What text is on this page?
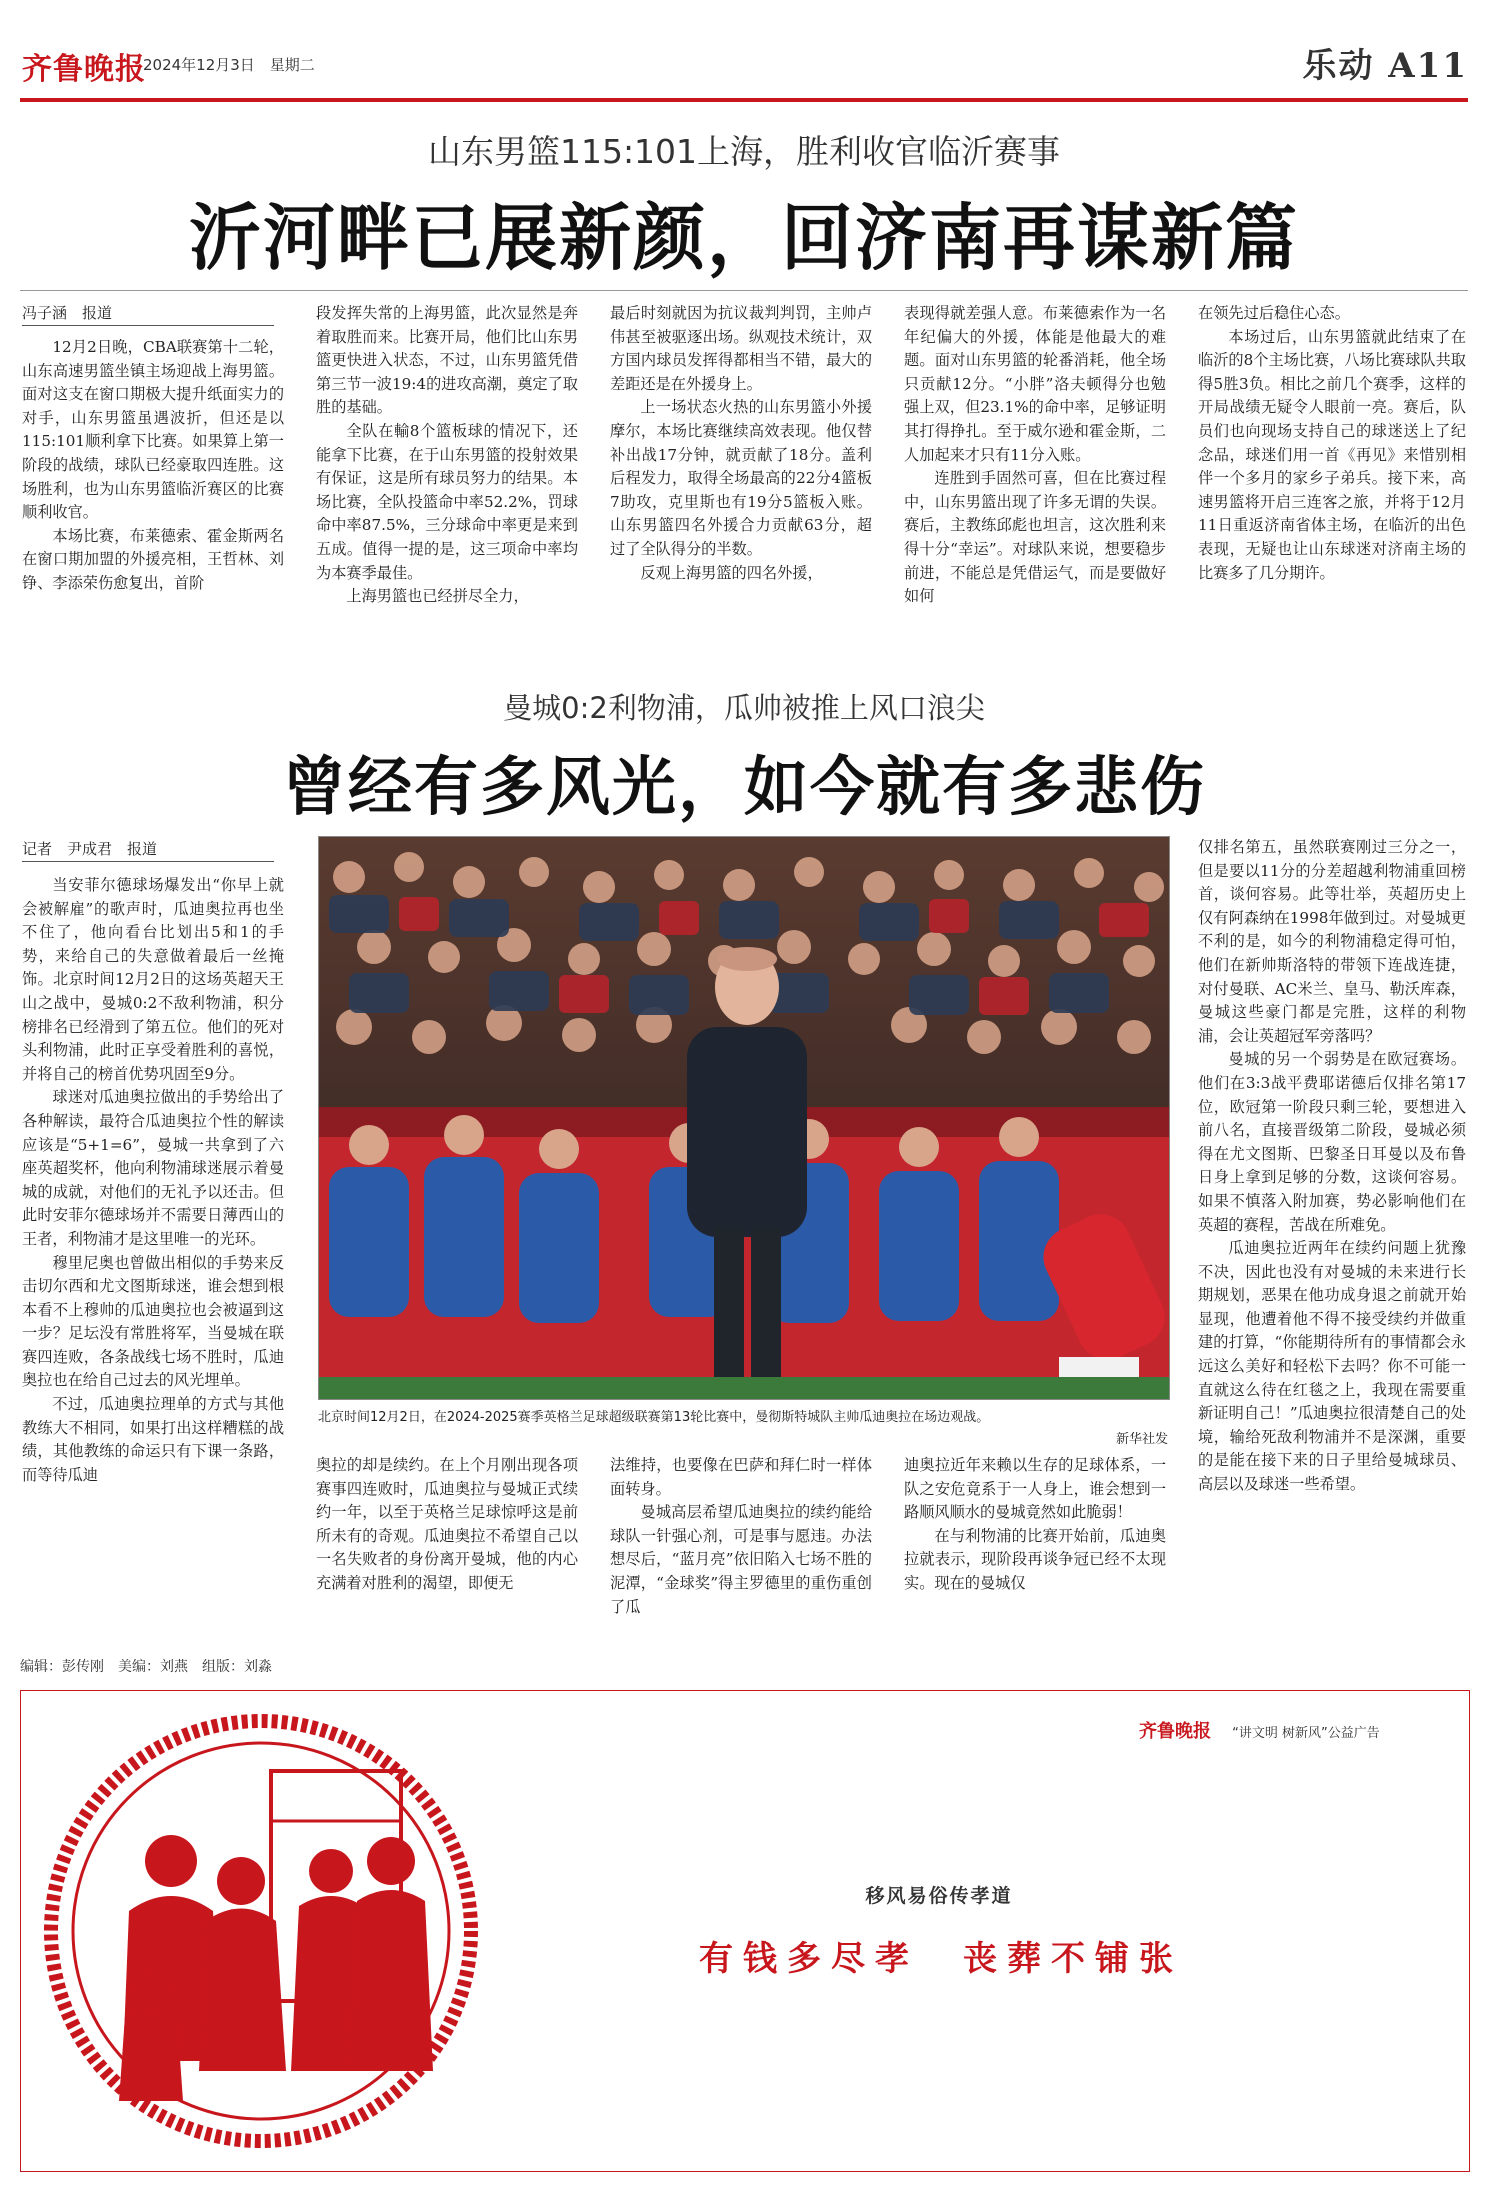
齐鲁晚报
2024年12月3日　星期二	乐动 A11
山东男篮115:101上海，胜利收官临沂赛事
沂河畔已展新颜，回济南再谋新篇
冯子涵　报道

12月2日晚，CBA联赛第十二轮，山东高速男篮坐镇主场迎战上海男篮。面对这支在窗口期极大提升纸面实力的对手，山东男篮虽遇波折，但还是以115:101顺利拿下比赛。如果算上第一阶段的战绩，球队已经豪取四连胜。这场胜利，也为山东男篮临沂赛区的比赛顺利收官。

本场比赛，布莱德索、霍金斯两名在窗口期加盟的外援亮相，王哲林、刘铮、李添荣伤愈复出，首阶

段发挥失常的上海男篮，此次显然是奔着取胜而来。比赛开局，他们比山东男篮更快进入状态，不过，山东男篮凭借第三节一波19:4的进攻高潮，奠定了取胜的基础。

全队在輸8个篮板球的情况下，还能拿下比赛，在于山东男篮的投射效果有保证，这是所有球员努力的结果。本场比赛，全队投篮命中率52.2%，罚球命中率87.5%，三分球命中率更是来到五成。值得一提的是，这三项命中率均为本赛季最佳。

上海男篮也已经拼尽全力，

最后时刻就因为抗议裁判判罚，主帅卢伟甚至被驱逐出场。纵观技术统计，双方国内球员发挥得都相当不错，最大的差距还是在外援身上。

上一场状态火热的山东男篮小外援摩尔，本场比赛继续高效表现。他仅替补出战17分钟，就贡献了18分。盖利后程发力，取得全场最高的22分4篮板7助攻，克里斯也有19分5篮板入账。山东男篮四名外援合力贡献63分，超过了全队得分的半数。

反观上海男篮的四名外援，

表现得就差强人意。布莱德索作为一名年纪偏大的外援，体能是他最大的难题。面对山东男篮的轮番消耗，他全场只贡献12分。“小胖”洛夫顿得分也勉强上双，但23.1%的命中率，足够证明其打得挣扎。至于威尔逊和霍金斯，二人加起来才只有11分入账。

连胜到手固然可喜，但在比赛过程中，山东男篮出现了许多无谓的失误。赛后，主教练邱彪也坦言，这次胜利来得十分“幸运”。对球队来说，想要稳步前进，不能总是凭借运气，而是要做好如何

在领先过后稳住心态。

本场过后，山东男篮就此结束了在临沂的8个主场比赛，八场比赛球队共取得5胜3负。相比之前几个赛季，这样的开局战绩无疑令人眼前一亮。赛后，队员们也向现场支持自己的球迷送上了纪念品，球迷们用一首《再见》来惜别相伴一个多月的家乡子弟兵。接下来，高速男篮将开启三连客之旅，并将于12月11日重返济南省体主场，在临沂的出色表现，无疑也让山东球迷对济南主场的比赛多了几分期许。

曼城0:2利物浦，瓜帅被推上风口浪尖
曾经有多风光，如今就有多悲伤
记者　尹成君　报道

当安菲尔德球场爆发出“你早上就会被解雇”的歌声时，瓜迪奥拉再也坐不住了，他向看台比划出5和1的手势，来给自己的失意做着最后一丝掩饰。北京时间12月2日的这场英超天王山之战中，曼城0:2不敌利物浦，积分榜排名已经滑到了第五位。他们的死对头利物浦，此时正享受着胜利的喜悦，并将自己的榜首优势巩固至9分。

球迷对瓜迪奥拉做出的手势给出了各种解读，最符合瓜迪奥拉个性的解读应该是“5+1=6”，曼城一共拿到了六座英超奖杯，他向利物浦球迷展示着曼城的成就，对他们的无礼予以还击。但此时安菲尔德球场并不需要日薄西山的王者，利物浦才是这里唯一的光环。

穆里尼奥也曾做出相似的手势来反击切尔西和尤文图斯球迷，谁会想到根本看不上穆帅的瓜迪奥拉也会被逼到这一步？足坛没有常胜将军，当曼城在联赛四连败，各条战线七场不胜时，瓜迪奥拉也在给自己过去的风光埋单。

不过，瓜迪奥拉理单的方式与其他教练大不相同，如果打出这样糟糕的战绩，其他教练的命运只有下课一条路，而等待瓜迪

北京时间12月2日，在2024-2025赛季英格兰足球超级联赛第13轮比赛中，曼彻斯特城队主帅瓜迪奥拉在场边观战。
新华社发

奥拉的却是续约。在上个月刚出现各项赛事四连败时，瓜迪奥拉与曼城正式续约一年，以至于英格兰足球惊呼这是前所未有的奇观。瓜迪奥拉不希望自己以一名失败者的身份离开曼城，他的内心充满着对胜利的渴望，即便无

法维持，也要像在巴萨和拜仁时一样体面转身。

曼城高层希望瓜迪奥拉的续约能给球队一针强心剂，可是事与愿违。办法想尽后，“蓝月亮”依旧陷入七场不胜的泥潭，“金球奖”得主罗德里的重伤重创了瓜

迪奥拉近年来赖以生存的足球体系，一队之安危竟系于一人身上，谁会想到一路顺风顺水的曼城竟然如此脆弱！

在与利物浦的比赛开始前，瓜迪奥拉就表示，现阶段再谈争冠已经不太现实。现在的曼城仅

仅排名第五，虽然联赛刚过三分之一，但是要以11分的分差超越利物浦重回榜首，谈何容易。此等壮举，英超历史上仅有阿森纳在1998年做到过。对曼城更不利的是，如今的利物浦稳定得可怕，他们在新帅斯洛特的带领下连战连捷，对付曼联、AC米兰、皇马、勒沃库森，曼城这些豪门都是完胜，这样的利物浦，会让英超冠军旁落吗？

曼城的另一个弱势是在欧冠赛场。他们在3:3战平费耶诺德后仅排名第17位，欧冠第一阶段只剩三轮，要想进入前八名，直接晋级第二阶段，曼城必须得在尤文图斯、巴黎圣日耳曼以及布鲁日身上拿到足够的分数，这谈何容易。如果不慎落入附加赛，势必影响他们在英超的赛程，苦战在所难免。

瓜迪奥拉近两年在续约问题上犹豫不决，因此也没有对曼城的未来进行长期规划，恶果在他功成身退之前就开始显现，他遭着他不得不接受续约并做重建的打算，“你能期待所有的事情都会永远这么美好和轻松下去吗？你不可能一直就这么待在红毯之上，我现在需要重新证明自己！”瓜迪奥拉很清楚自己的处境，输给死敌利物浦并不是深渊，重要的是能在接下来的日子里给曼城球员、高层以及球迷一些希望。

编辑：彭传刚　美编：刘燕　组版：刘淼
齐鲁晚报 “讲文明 树新风”公益广告
移风易俗传孝道
有钱多尽孝　丧葬不铺张
